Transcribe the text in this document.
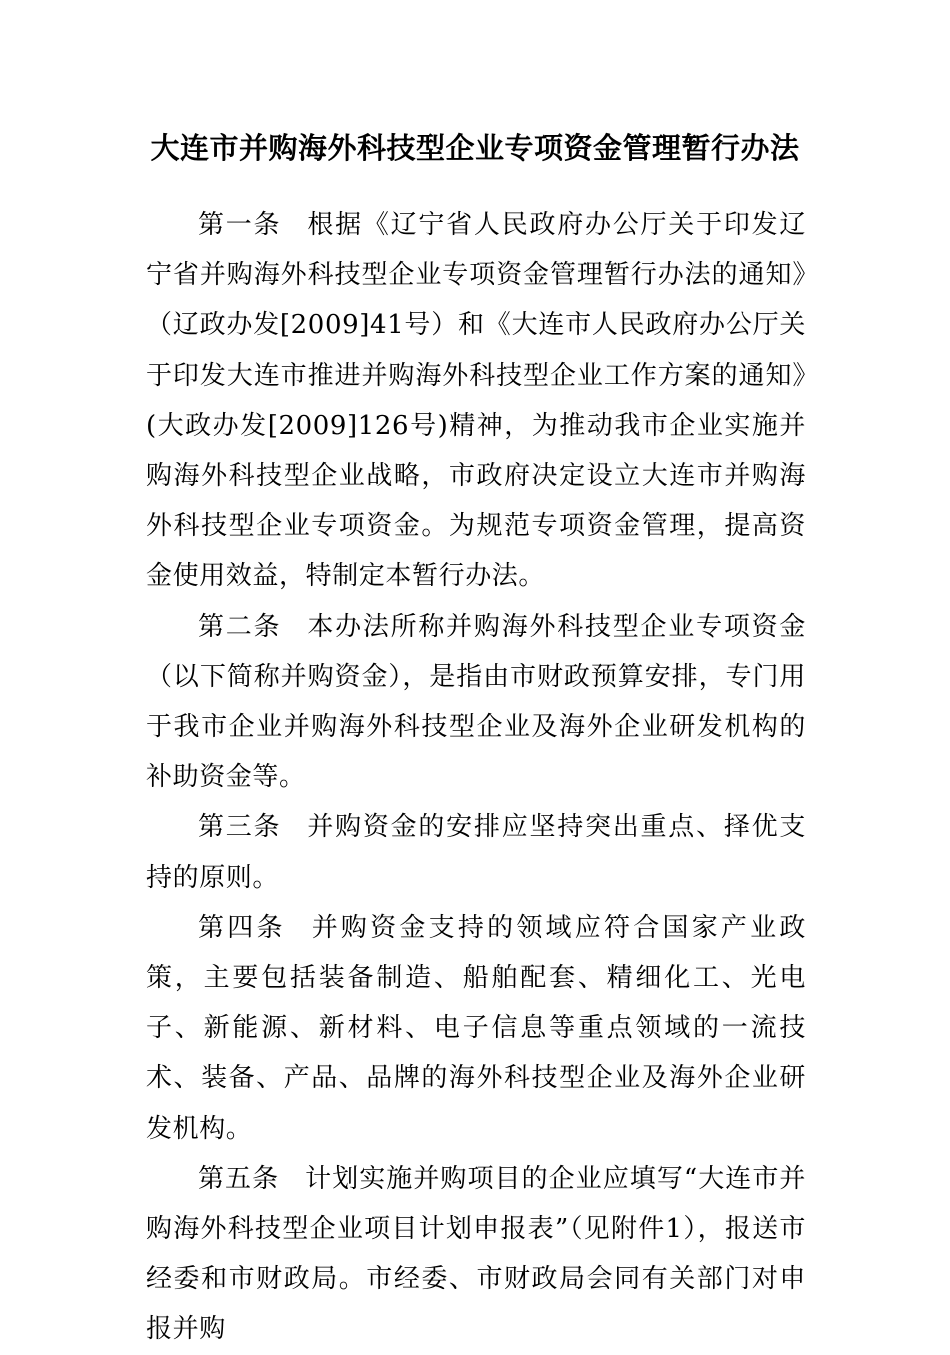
大连市并购海外科技型企业专项资金管理暂行办法

第一条 根据《辽宁省人民政府办公厅关于印发辽宁省并购海外科技型企业专项资金管理暂行办法的通知》（辽政办发[2009]41号）和《大连市人民政府办公厅关于印发大连市推进并购海外科技型企业工作方案的通知》(大政办发[2009]126号)精神，为推动我市企业实施并购海外科技型企业战略，市政府决定设立大连市并购海外科技型企业专项资金。为规范专项资金管理，提高资金使用效益，特制定本暂行办法。

第二条 本办法所称并购海外科技型企业专项资金（以下简称并购资金），是指由市财政预算安排，专门用于我市企业并购海外科技型企业及海外企业研发机构的补助资金等。

第三条 并购资金的安排应坚持突出重点、择优支持的原则。

第四条 并购资金支持的领域应符合国家产业政策，主要包括装备制造、船舶配套、精细化工、光电子、新能源、新材料、电子信息等重点领域的一流技术、装备、产品、品牌的海外科技型企业及海外企业研发机构。

第五条 计划实施并购项目的企业应填写“大连市并购海外科技型企业项目计划申报表”（见附件1），报送市经委和市财政局。市经委、市财政局会同有关部门对申报并购
